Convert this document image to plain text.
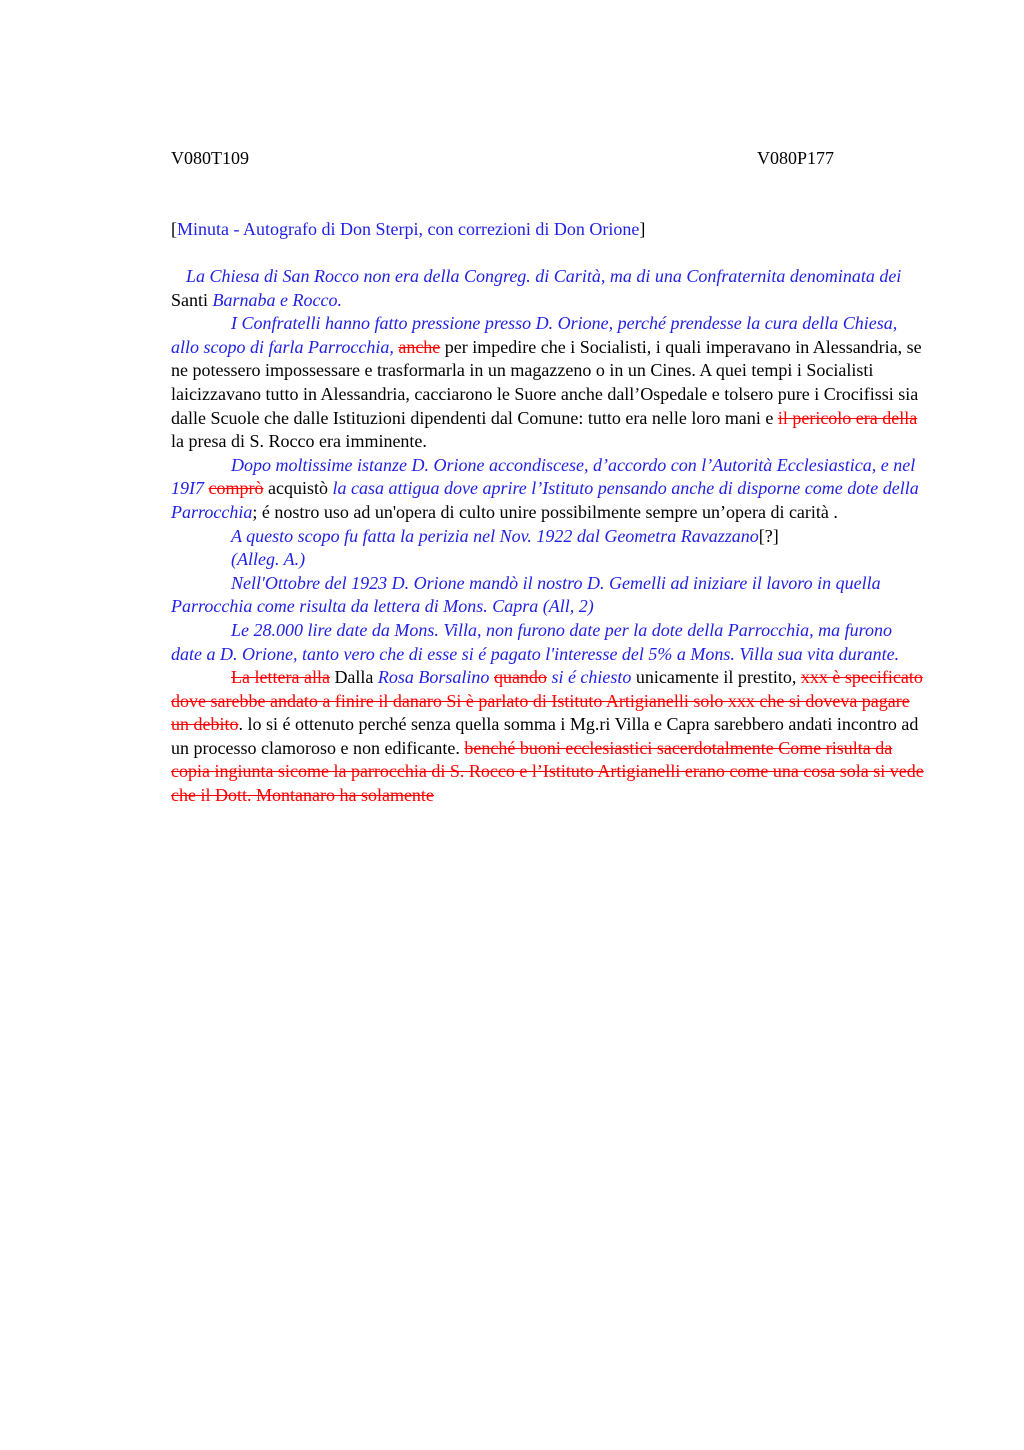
V080T109	V080P177
[Minuta - Autografo di Don Sterpi, con correzioni di Don Orione]

La Chiesa di San Rocco non era della Congreg. di Carità, ma di una Confraternita denominata dei Santi Barnaba e Rocco.

I Confratelli hanno fatto pressione presso D. Orione, perché prendesse la cura della Chiesa, allo scopo di farla Parrocchia, anche per impedire che i Socialisti, i quali imperavano in Alessandria, se ne potessero impossessare e trasformarla in un magazzeno o in un Cines. A quei tempi i Socialisti laicizzavano tutto in Alessandria, cacciarono le Suore anche dall’Ospedale e tolsero pure i Crocifissi sia dalle Scuole che dalle Istituzioni dipendenti dal Comune: tutto era nelle loro mani e il pericolo era della la presa di S. Rocco era imminente.

Dopo moltissime istanze D. Orione accondiscese, d’accordo con l’Autorità Ecclesiastica, e nel 19I7 comprò acquistò la casa attigua dove aprire l’Istituto pensando anche di disporne come dote della Parrocchia; é nostro uso ad un'opera di culto unire possibilmente sempre un’opera di carità .

A questo scopo fu fatta la perizia nel Nov. 1922 dal Geometra Ravazzano[?]

(Alleg. A.)

Nell'Ottobre del 1923 D. Orione mandò il nostro D. Gemelli ad iniziare il lavoro in quella Parrocchia come risulta da lettera di Mons. Capra (All, 2)

Le 28.000 lire date da Mons. Villa, non furono date per la dote della Parrocchia, ma furono date a D. Orione, tanto vero che di esse si é pagato l'interesse del 5% a Mons. Villa sua vita durante.

La lettera alla Dalla Rosa Borsalino quando si é chiesto unicamente il prestito, xxx è specificato dove sarebbe andato a finire il danaro Si è parlato di Istituto Artigianelli solo xxx che si doveva pagare un debito. lo si é ottenuto perché senza quella somma i Mg.ri Villa e Capra sarebbero andati incontro ad un processo clamoroso e non edificante. benché buoni ecclesiastici sacerdotalmente Come risulta da copia ingiunta sicome la parrocchia di S. Rocco e l’Istituto Artigianelli erano come una cosa sola si vede che il Dott. Montanaro ha solamente
